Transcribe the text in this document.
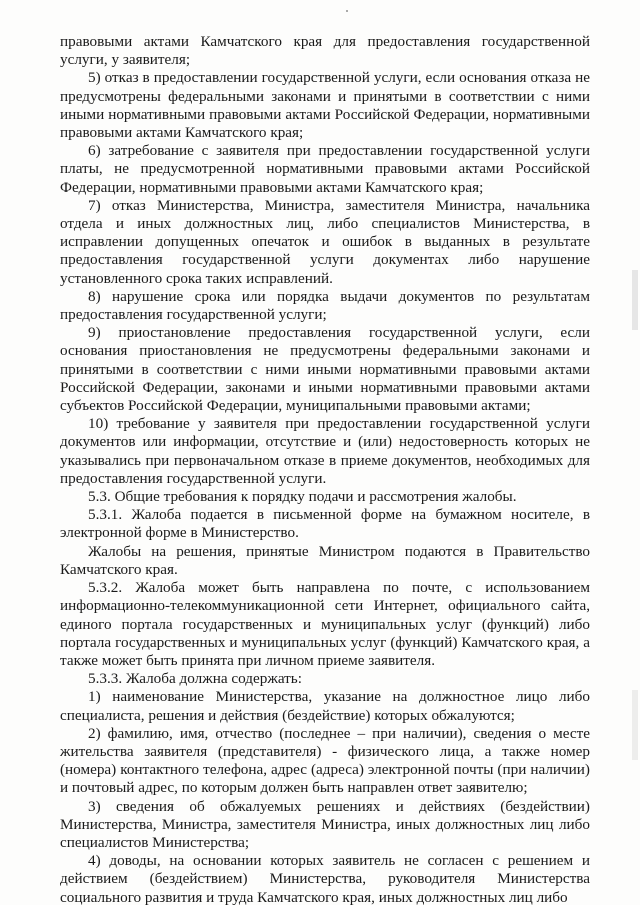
правовыми актами Камчатского края для предоставления государственной услуги, у заявителя;

5) отказ в предоставлении государственной услуги, если основания отказа не предусмотрены федеральными законами и принятыми в соответствии с ними иными нормативными правовыми актами Российской Федерации, нормативными правовыми актами Камчатского края;

6) затребование с заявителя при предоставлении государственной услуги платы, не предусмотренной нормативными правовыми актами Российской Федерации, нормативными правовыми актами Камчатского края;

7) отказ Министерства, Министра, заместителя Министра, начальника отдела и иных должностных лиц, либо специалистов Министерства, в исправлении допущенных опечаток и ошибок в выданных в результате предоставления государственной услуги документах либо нарушение установленного срока таких исправлений.

8) нарушение срока или порядка выдачи документов по результатам предоставления государственной услуги;

9) приостановление предоставления государственной услуги, если основания приостановления не предусмотрены федеральными законами и принятыми в соответствии с ними иными нормативными правовыми актами Российской Федерации, законами и иными нормативными правовыми актами субъектов Российской Федерации, муниципальными правовыми актами;

10) требование у заявителя при предоставлении государственной услуги документов или информации, отсутствие и (или) недостоверность которых не указывались при первоначальном отказе в приеме документов, необходимых для предоставления государственной услуги.

5.3. Общие требования к порядку подачи и рассмотрения жалобы.

5.3.1. Жалоба подается в письменной форме на бумажном носителе, в электронной форме в Министерство.

Жалобы на решения, принятые Министром подаются в Правительство Камчатского края.

5.3.2. Жалоба может быть направлена по почте, с использованием информационно-телекоммуникационной сети Интернет, официального сайта, единого портала государственных и муниципальных услуг (функций) либо портала государственных и муниципальных услуг (функций) Камчатского края, а также может быть принята при личном приеме заявителя.

5.3.3. Жалоба должна содержать:

1) наименование Министерства, указание на должностное лицо либо специалиста, решения и действия (бездействие) которых обжалуются;

2) фамилию, имя, отчество (последнее – при наличии), сведения о месте жительства заявителя (представителя) - физического лица, а также номер (номера) контактного телефона, адрес (адреса) электронной почты (при наличии) и почтовый адрес, по которым должен быть направлен ответ заявителю;

3) сведения об обжалуемых решениях и действиях (бездействии) Министерства, Министра, заместителя Министра, иных должностных лиц либо специалистов Министерства;

4) доводы, на основании которых заявитель не согласен с решением и действием (бездействием) Министерства, руководителя Министерства социального развития и труда Камчатского края, иных должностных лиц либо
